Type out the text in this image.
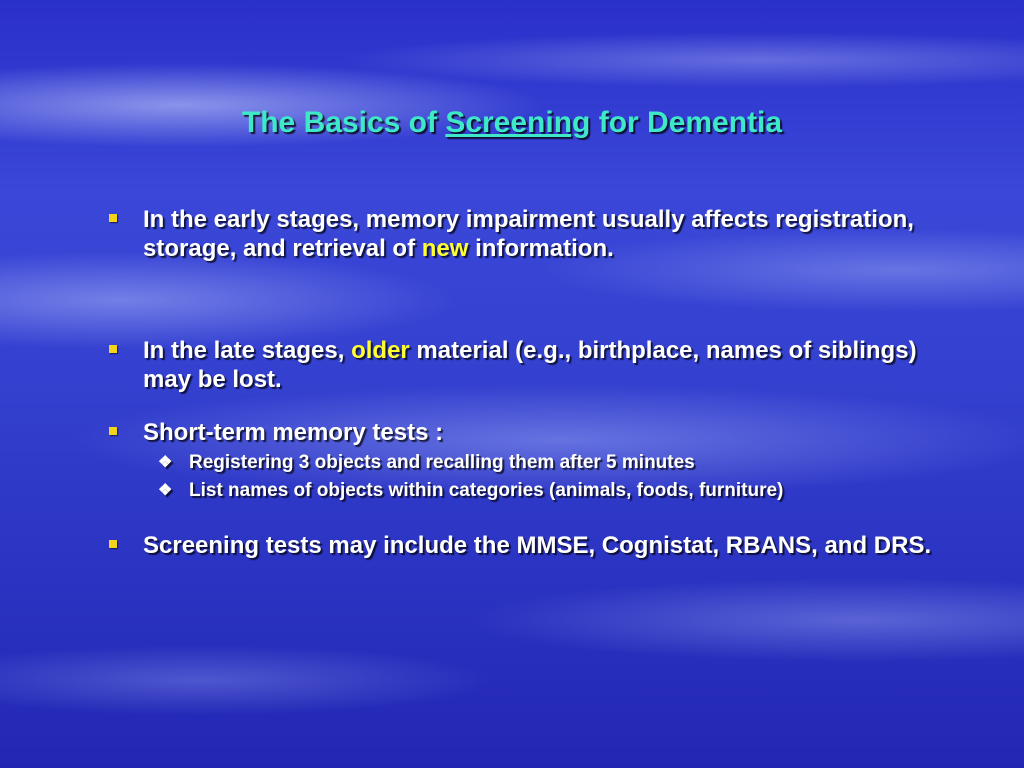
The Basics of Screening for Dementia
In the early stages, memory impairment usually affects registration, storage, and retrieval of new information.
In the late stages, older material (e.g., birthplace, names of siblings) may be lost.
Short-term memory tests :
❖ Registering 3 objects and recalling them after 5 minutes
❖ List names of objects within categories (animals, foods, furniture)
Screening tests may include the MMSE, Cognistat, RBANS, and DRS.
